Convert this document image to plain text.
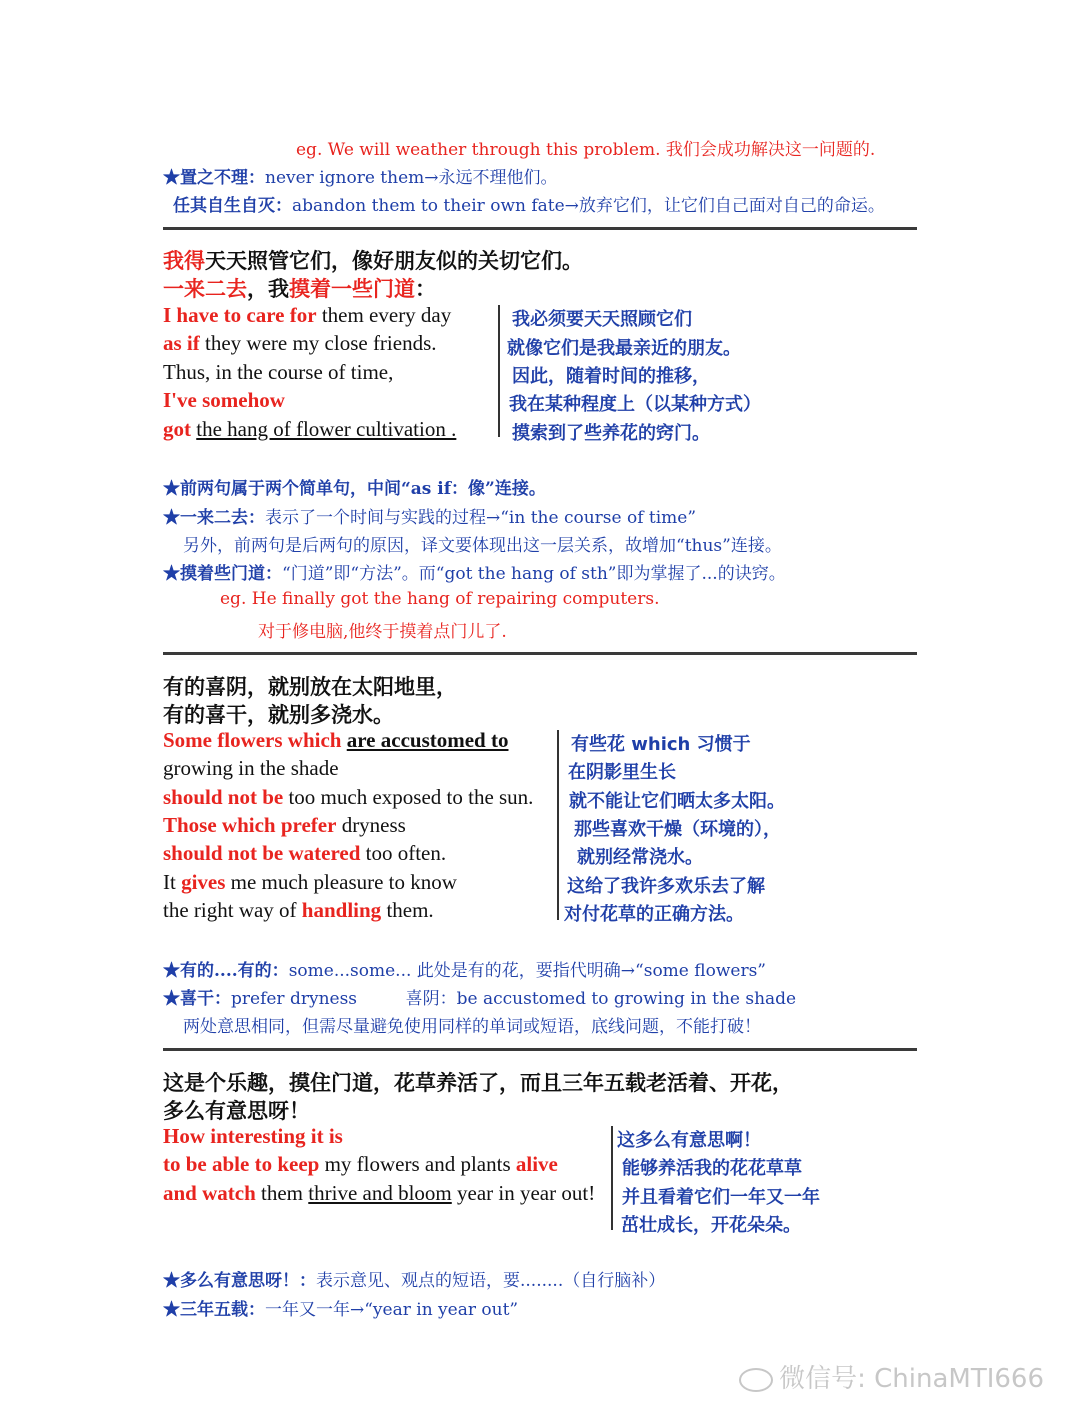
eg. We will weather through this problem. 我们会成功解决这一问题的.
★置之不理：never ignore them→永远不理他们。
任其自生自灭：abandon them to their own fate→放弃它们，让它们自己面对自己的命运。
我得天天照管它们，像好朋友似的关切它们。
一来二去，我摸着一些门道：
I have to care for them every day
as if they were my close friends.
Thus, in the course of time,
I've somehow
got the hang of flower cultivation .
我必须要天天照顾它们
就像它们是我最亲近的朋友。
因此，随着时间的推移，
我在某种程度上（以某种方式）
摸索到了些养花的窍门。
★前两句属于两个简单句，中间“as if：像”连接。
★一来二去：表示了一个时间与实践的过程→“in the course of time”
另外，前两句是后两句的原因，译文要体现出这一层关系，故增加“thus”连接。
★摸着些门道：“门道”即“方法”。而“got the hang of sth”即为掌握了...的诀窍。
eg. He finally got the hang of repairing computers.
对于修电脑,他终于摸着点门儿了.
有的喜阴，就别放在太阳地里，
有的喜干，就别多浇水。
Some flowers which are accustomed to
growing in the shade
should not be too much exposed to the sun.
Those which prefer dryness
should not be watered too often.
It gives me much pleasure to know
the right way of handling them.
有些花 which 习惯于
在阴影里生长
就不能让它们晒太多太阳。
那些喜欢干燥（环境的），
就别经常浇水。
这给了我许多欢乐去了解
对付花草的正确方法。
★有的....有的：some...some... 此处是有的花，要指代明确→“some flowers”
★喜干：prefer dryness         喜阴：be accustomed to growing in the shade
两处意思相同，但需尽量避免使用同样的单词或短语，底线问题，不能打破！
这是个乐趣，摸住门道，花草养活了，而且三年五载老活着、开花，
多么有意思呀！
How interesting it is
to be able to keep my flowers and plants alive
and watch them thrive and bloom year in year out!
这多么有意思啊！
能够养活我的花花草草
并且看着它们一年又一年
茁壮成长，开花朵朵。
★多么有意思呀！：表示意见、观点的短语，要........（自行脑补）
★三年五载：一年又一年→“year in year out”
微信号: ChinaMTI666
